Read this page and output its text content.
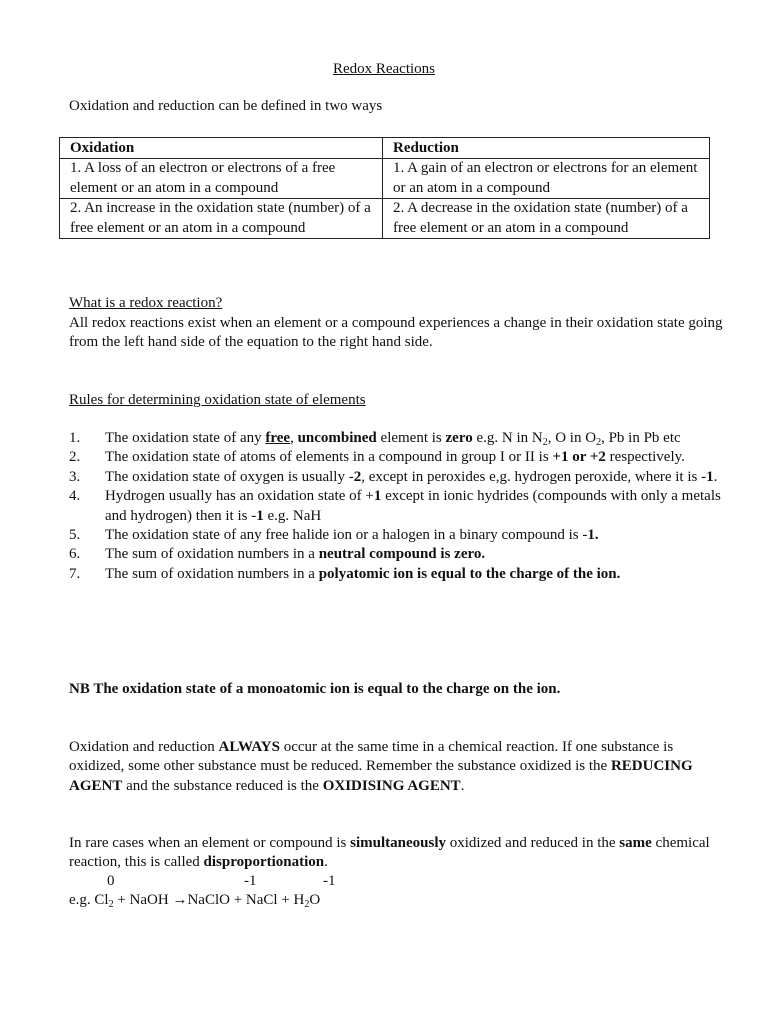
Redox Reactions
Oxidation and reduction can be defined in two ways
Oxidation	Reduction
1. A loss of an electron or electrons of a free element or an atom in a compound	1. A gain of an electron or electrons for an element or an atom in a compound
2. An increase in the oxidation state (number) of a free element or an atom in a compound	2. A decrease in the oxidation state (number) of a free element or an atom in a compound
What is a redox reaction?
All redox reactions exist when an element or a compound experiences a change in their oxidation state going from the left hand side of the equation to the right hand side.
Rules for determining oxidation state of elements
1. The oxidation state of any free, uncombined element is zero e.g. N in $N_2$, O in $O_2$, Pb in Pb etc
2. The oxidation state of atoms of elements in a compound in group I or II is +1 or +2 respectively.
3. The oxidation state of oxygen is usually -2, except in peroxides e,g. hydrogen peroxide, where it is -1.
4. Hydrogen usually has an oxidation state of +1 except in ionic hydrides (compounds with only a metals and hydrogen) then it is -1 e.g. NaH
5. The oxidation state of any free halide ion or a halogen in a binary compound is -1.
6. The sum of oxidation numbers in a neutral compound is zero.
7. The sum of oxidation numbers in a polyatomic ion is equal to the charge of the ion.
NB The oxidation state of a monoatomic ion is equal to the charge on the ion.
Oxidation and reduction ALWAYS occur at the same time in a chemical reaction. If one substance is oxidized, some other substance must be reduced. Remember the substance oxidized is the REDUCING AGENT and the substance reduced is the OXIDISING AGENT.
In rare cases when an element or compound is simultaneously oxidized and reduced in the same chemical reaction, this is called disproportionation.
0	-1	-1
e.g. $Cl_2$ + NaOH →NaClO + NaCl + $H_2O$
